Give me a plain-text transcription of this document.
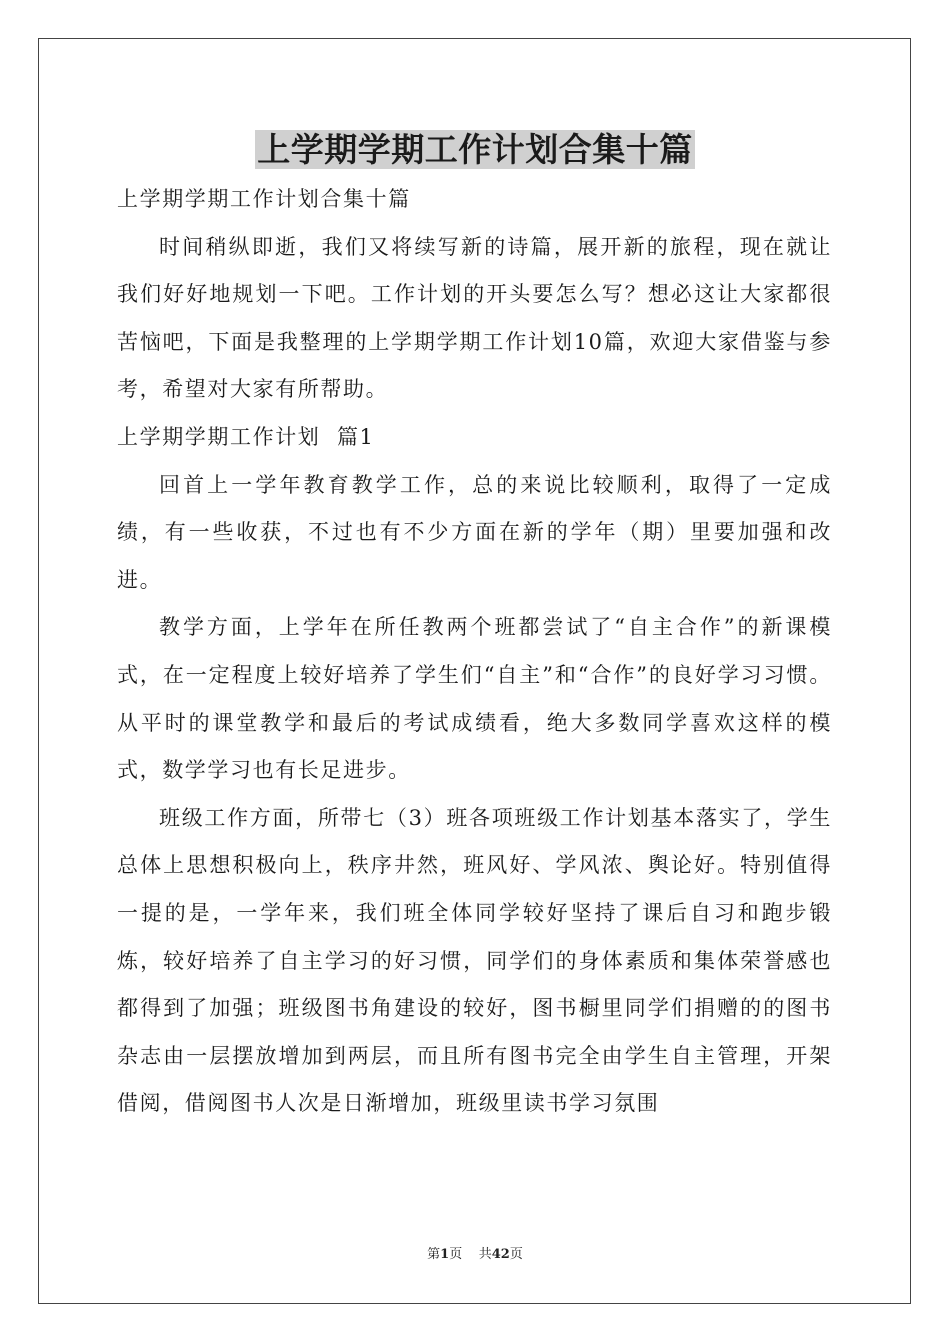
上学期学期工作计划合集十篇
上学期学期工作计划合集十篇

时间稍纵即逝，我们又将续写新的诗篇，展开新的旅程，现在就让我们好好地规划一下吧。工作计划的开头要怎么写？想必这让大家都很苦恼吧，下面是我整理的上学期学期工作计划10篇，欢迎大家借鉴与参考，希望对大家有所帮助。

上学期学期工作计划  篇1

回首上一学年教育教学工作，总的来说比较顺利，取得了一定成绩，有一些收获，不过也有不少方面在新的学年（期）里要加强和改进。

教学方面，上学年在所任教两个班都尝试了“自主合作”的新课模式，在一定程度上较好培养了学生们“自主”和“合作”的良好学习习惯。从平时的课堂教学和最后的考试成绩看，绝大多数同学喜欢这样的模式，数学学习也有长足进步。

班级工作方面，所带七（3）班各项班级工作计划基本落实了，学生总体上思想积极向上，秩序井然，班风好、学风浓、舆论好。特别值得一提的是，一学年来，我们班全体同学较好坚持了课后自习和跑步锻炼，较好培养了自主学习的好习惯，同学们的身体素质和集体荣誉感也都得到了加强；班级图书角建设的较好，图书橱里同学们捐赠的的图书杂志由一层摆放增加到两层，而且所有图书完全由学生自主管理，开架借阅，借阅图书人次是日渐增加，班级里读书学习氛围

第1页 共42页
